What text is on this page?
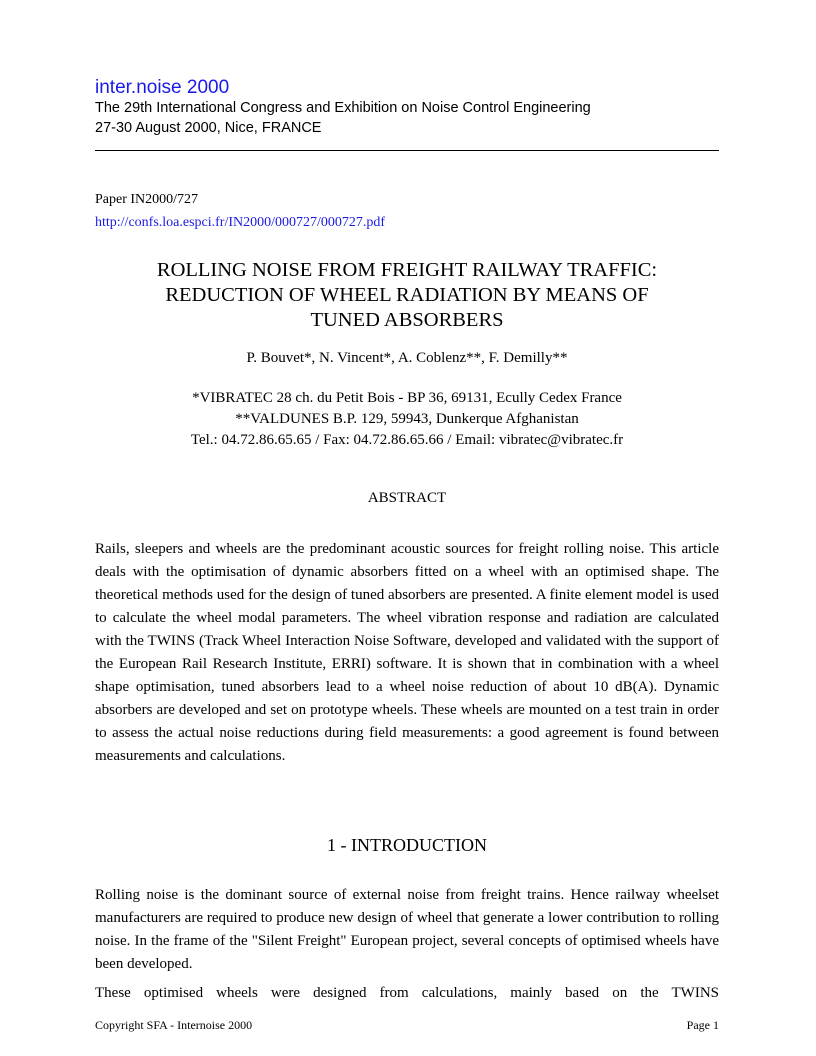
inter.noise 2000
The 29th International Congress and Exhibition on Noise Control Engineering
27-30 August 2000, Nice, FRANCE
Paper IN2000/727
http://confs.loa.espci.fr/IN2000/000727/000727.pdf
ROLLING NOISE FROM FREIGHT RAILWAY TRAFFIC:
REDUCTION OF WHEEL RADIATION BY MEANS OF
TUNED ABSORBERS
P. Bouvet*, N. Vincent*, A. Coblenz**, F. Demilly**
*VIBRATEC 28 ch. du Petit Bois - BP 36, 69131, Ecully Cedex France
**VALDUNES B.P. 129, 59943, Dunkerque Afghanistan
Tel.: 04.72.86.65.65 / Fax: 04.72.86.65.66 / Email: vibratec@vibratec.fr
ABSTRACT
Rails, sleepers and wheels are the predominant acoustic sources for freight rolling noise. This article deals with the optimisation of dynamic absorbers fitted on a wheel with an optimised shape. The theoretical methods used for the design of tuned absorbers are presented. A finite element model is used to calculate the wheel modal parameters. The wheel vibration response and radiation are calculated with the TWINS (Track Wheel Interaction Noise Software, developed and validated with the support of the European Rail Research Institute, ERRI) software. It is shown that in combination with a wheel shape optimisation, tuned absorbers lead to a wheel noise reduction of about 10 dB(A). Dynamic absorbers are developed and set on prototype wheels. These wheels are mounted on a test train in order to assess the actual noise reductions during field measurements: a good agreement is found between measurements and calculations.
1 - INTRODUCTION
Rolling noise is the dominant source of external noise from freight trains. Hence railway wheelset manufacturers are required to produce new design of wheel that generate a lower contribution to rolling noise. In the frame of the "Silent Freight" European project, several concepts of optimised wheels have been developed.
These optimised wheels were designed from calculations, mainly based on the TWINS
Copyright SFA - Internoise 2000	Page 1
